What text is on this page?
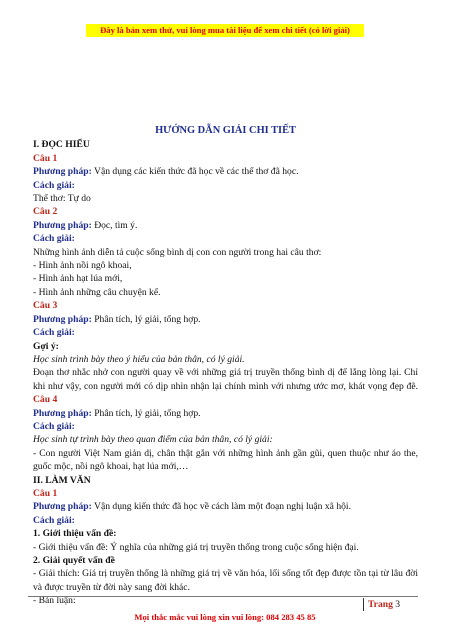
Đây là bản xem thử, vui lòng mua tài liệu để xem chi tiết (có lời giải)
HƯỚNG DẪN GIẢI CHI TIẾT

I. ĐỌC HIỂU

Câu 1

Phương pháp: Vận dụng các kiến thức đã học về các thể thơ đã học.

Cách giải:

Thể thơ: Tự do

Câu 2

Phương pháp: Đọc, tìm ý.

Cách giải:

Những hình ảnh diễn tả cuộc sống bình dị con con người trong hai câu thơ:

- Hình ảnh nồi ngô khoai,

- Hình ảnh hạt lúa mới,

- Hình ảnh những câu chuyện kể.

Câu 3

Phương pháp: Phân tích, lý giải, tổng hợp.

Cách giải:

Gợi ý:

Học sinh trình bày theo ý hiểu của bản thân, có lý giải.

Đoạn thơ nhắc nhở con người quay về với những giá trị truyền thống bình dị để lắng lòng lại. Chỉ khi như vậy, con người mới có dịp nhìn nhận lại chính mình với nhưng ước mơ, khát vọng đẹp đẽ. Câu 4

Phương pháp: Phân tích, lý giải, tổng hợp.

Cách giải:

Học sinh tự trình bày theo quan điểm của bản thân, có lý giải:

- Con người Việt Nam giản dị, chân thật gắn với những hình ảnh gần gũi, quen thuộc như áo the, guốc mộc, nồi ngô khoai, hạt lúa mới,…

II. LÀM VĂN

Câu 1

Phương pháp: Vận dụng kiến thức đã học về cách làm một đoạn nghị luận xã hội.

Cách giải:

1. Giới thiệu vấn đề:

- Giới thiệu vấn đề: Ý nghĩa của những giá trị truyền thống trong cuộc sống hiện đại.

2. Giải quyết vấn đề

- Giải thích: Giá trị truyền thống là những giá trị về văn hóa, lối sống tốt đẹp được tồn tại từ lâu đời và được truyền từ đời này sang đời khác.

- Bàn luận:	Trang 3
Mọi thắc mắc vui lòng xin vui lòng: 084 283 45 85
